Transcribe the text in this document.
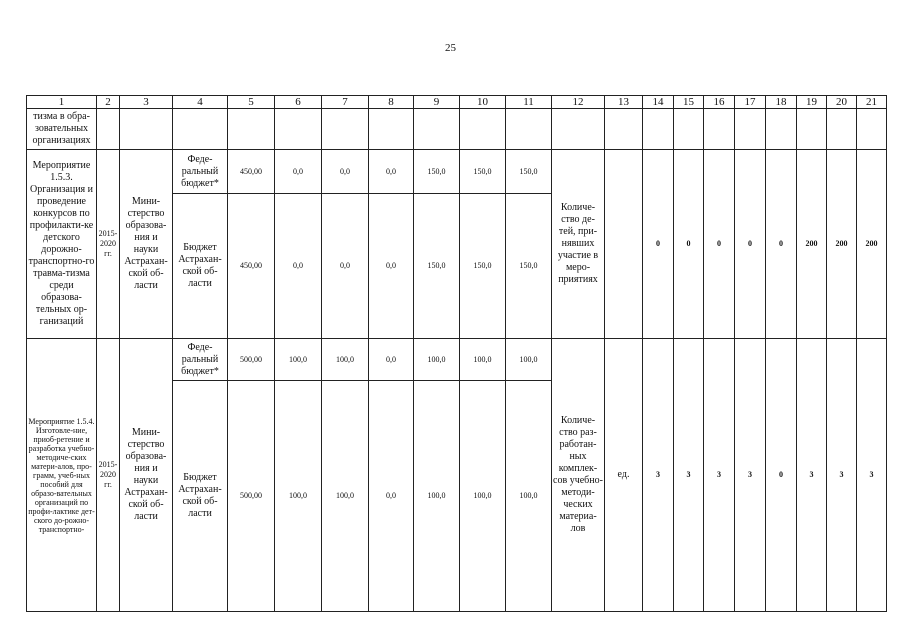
25
1	2	3	4	5	6	7	8	9	10	11	12	13	14	15	16	17	18	19	20	21
тизма в обра-зовательных организациях																				
Мероприятие 1.5.3. Организация и проведение конкурсов по профилакти-ке детского дорожно-транспортно-го травма-тизма среди образова-тельных ор-ганизаций	2015-2020 гг.	Мини-стерство образова-ния и науки Астрахан-ской об-ласти	Феде-ральный бюджет*	450,00	0,0	0,0	0,0	150,0	150,0	150,0	Количе-ство де-тей, при-нявших участие в меро-приятиях		0	0	0	0	0	200	200	200
			Бюджет Астрахан-ской об-ласти	450,00	0,0	0,0	0,0	150,0	150,0	150,0										
Мероприятие 1.5.4. Изготовле-ние, приоб-ретение и разработка учебно-методиче-ских матери-алов, про-грамм, учеб-ных пособий для образо-вательных организаций по профи-лактике дет-ского до-рожно-транспортно-	2015-2020 гг.	Мини-стерство образова-ния и науки Астрахан-ской об-ласти	Феде-ральный бюджет*	500,00	100,0	100,0	0,0	100,0	100,0	100,0	Количе-ство раз-работан-ных комплек-сов учебно-методи-ческих материа-лов	ед.	3	3	3	3	0	3	3	3
			Бюджет Астрахан-ской об-ласти	500,00	100,0	100,0	0,0	100,0	100,0	100,0										
